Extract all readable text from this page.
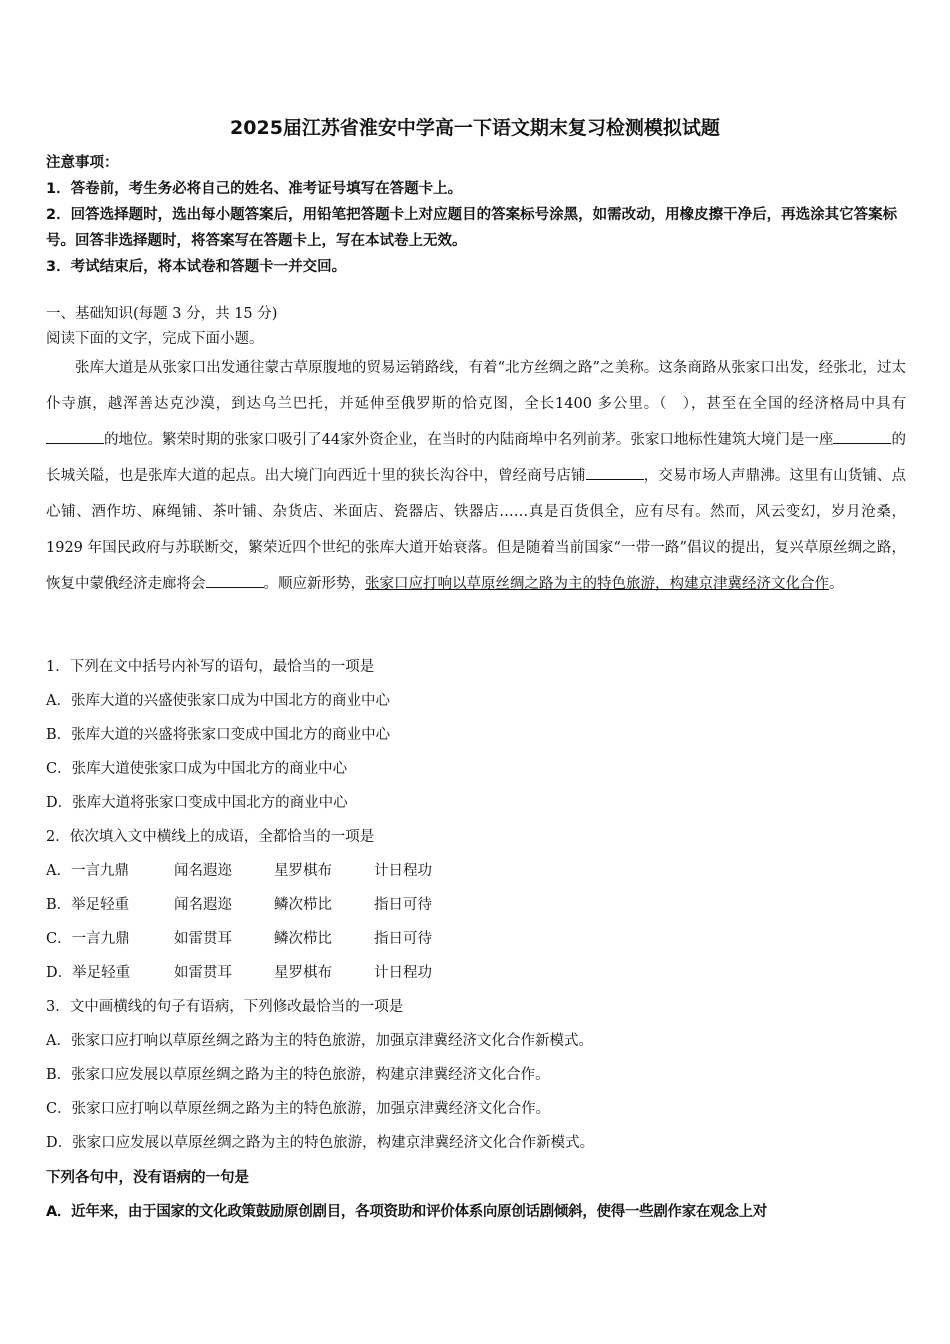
2025届江苏省淮安中学高一下语文期末复习检测模拟试题
注意事项：
1．答卷前，考生务必将自己的姓名、准考证号填写在答题卡上。
2．回答选择题时，选出每小题答案后，用铅笔把答题卡上对应题目的答案标号涂黑，如需改动，用橡皮擦干净后，再选涂其它答案标号。回答非选择题时，将答案写在答题卡上，写在本试卷上无效。
3．考试结束后，将本试卷和答题卡一并交回。
一、基础知识(每题 3 分，共 15 分)
阅读下面的文字，完成下面小题。
张库大道是从张家口出发通往蒙古草原腹地的贸易运销路线，有着“北方丝绸之路”之美称。这条商路从张家口出发，经张北，过太仆寺旗，越浑善达克沙漠，到达乌兰巴托，并延伸至俄罗斯的恰克图，全长1400 多公里。（　），甚至在全国的经济格局中具有的地位。繁荣时期的张家口吸引了44家外资企业，在当时的内陆商埠中名列前茅。张家口地标性建筑大境门是一座	的长城关隘，也是张库大道的起点。出大境门向西近十里的狭长沟谷中，曾经商号店铺	，交易市场人声鼎沸。这里有山货铺、点心铺、酒作坊、麻绳铺、茶叶铺、杂货店、米面店、瓷器店、铁器店……真是百货俱全，应有尽有。然而，风云变幻，岁月沧桑，1929 年国民政府与苏联断交，繁荣近四个世纪的张库大道开始衰落。但是随着当前国家“一带一路”倡议的提出，复兴草原丝绸之路，恢复中蒙俄经济走廊将会	。顺应新形势，张家口应打响以草原丝绸之路为主的特色旅游，构建京津冀经济文化合作。
1．下列在文中括号内补写的语句，最恰当的一项是
A．张库大道的兴盛使张家口成为中国北方的商业中心
B．张库大道的兴盛将张家口变成中国北方的商业中心
C．张库大道使张家口成为中国北方的商业中心
D．张库大道将张家口变成中国北方的商业中心
2．依次填入文中横线上的成语，全都恰当的一项是
A．一言九鼎	闻名遐迩	星罗棋布	计日程功
B．举足轻重	闻名遐迩	鳞次栉比	指日可待
C．一言九鼎	如雷贯耳	鳞次栉比	指日可待
D．举足轻重	如雷贯耳	星罗棋布	计日程功
3．文中画横线的句子有语病，下列修改最恰当的一项是
A．张家口应打响以草原丝绸之路为主的特色旅游，加强京津冀经济文化合作新模式。
B．张家口应发展以草原丝绸之路为主的特色旅游，构建京津冀经济文化合作。
C．张家口应打响以草原丝绸之路为主的特色旅游，加强京津冀经济文化合作。
D．张家口应发展以草原丝绸之路为主的特色旅游，构建京津冀经济文化合作新模式。
下列各句中，没有语病的一句是
A．近年来，由于国家的文化政策鼓励原创剧目，各项资助和评价体系向原创话剧倾斜，使得一些剧作家在观念上对
